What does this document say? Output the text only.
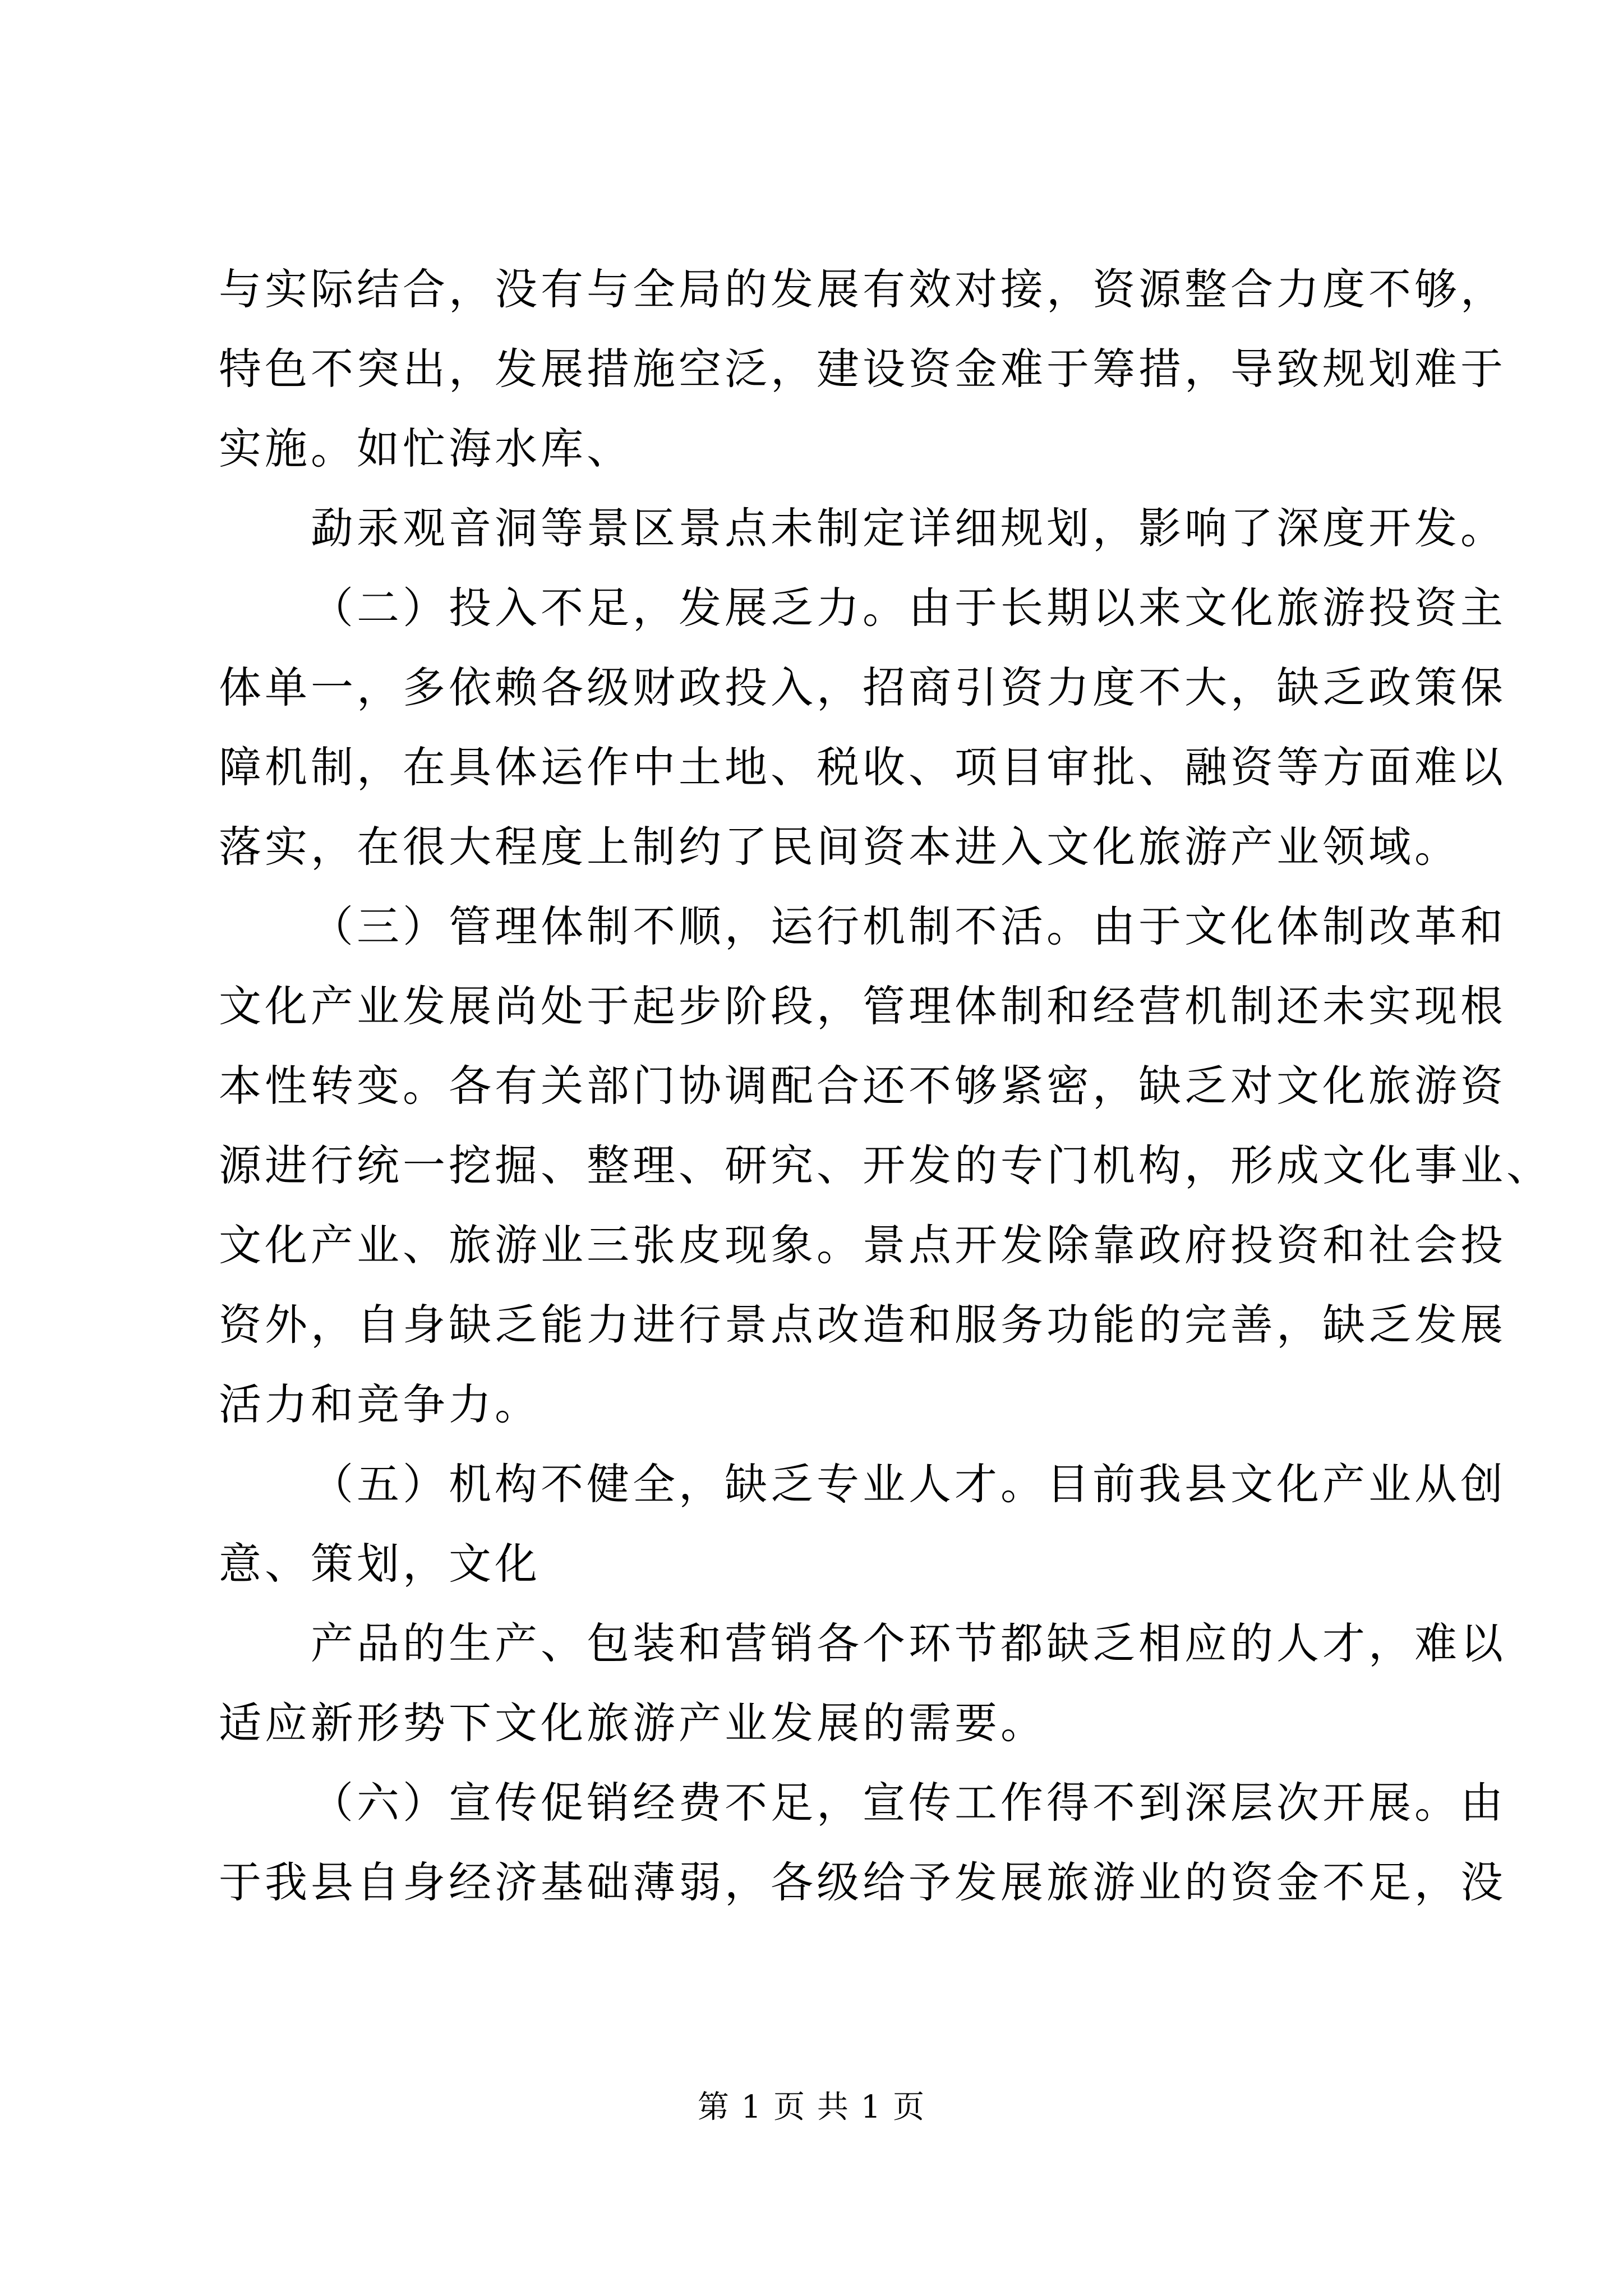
与实际结合，没有与全局的发展有效对接，资源整合力度不够，
特色不突出，发展措施空泛，建设资金难于筹措，导致规划难于
实施。如忙海水库、

勐汞观音洞等景区景点未制定详细规划，影响了深度开发。

（二）投入不足，发展乏力。由于长期以来文化旅游投资主
体单一，多依赖各级财政投入，招商引资力度不大，缺乏政策保
障机制，在具体运作中土地、税收、项目审批、融资等方面难以
落实，在很大程度上制约了民间资本进入文化旅游产业领域。

（三）管理体制不顺，运行机制不活。由于文化体制改革和
文化产业发展尚处于起步阶段，管理体制和经营机制还未实现根
本性转变。各有关部门协调配合还不够紧密，缺乏对文化旅游资
源进行统一挖掘、整理、研究、开发的专门机构，形成文化事业、
文化产业、旅游业三张皮现象。景点开发除靠政府投资和社会投
资外，自身缺乏能力进行景点改造和服务功能的完善，缺乏发展
活力和竞争力。

（五）机构不健全，缺乏专业人才。目前我县文化产业从创
意、策划，文化

产品的生产、包装和营销各个环节都缺乏相应的人才，难以
适应新形势下文化旅游产业发展的需要。

（六）宣传促销经费不足，宣传工作得不到深层次开展。由
于我县自身经济基础薄弱，各级给予发展旅游业的资金不足，没

第 1 页 共 1 页
